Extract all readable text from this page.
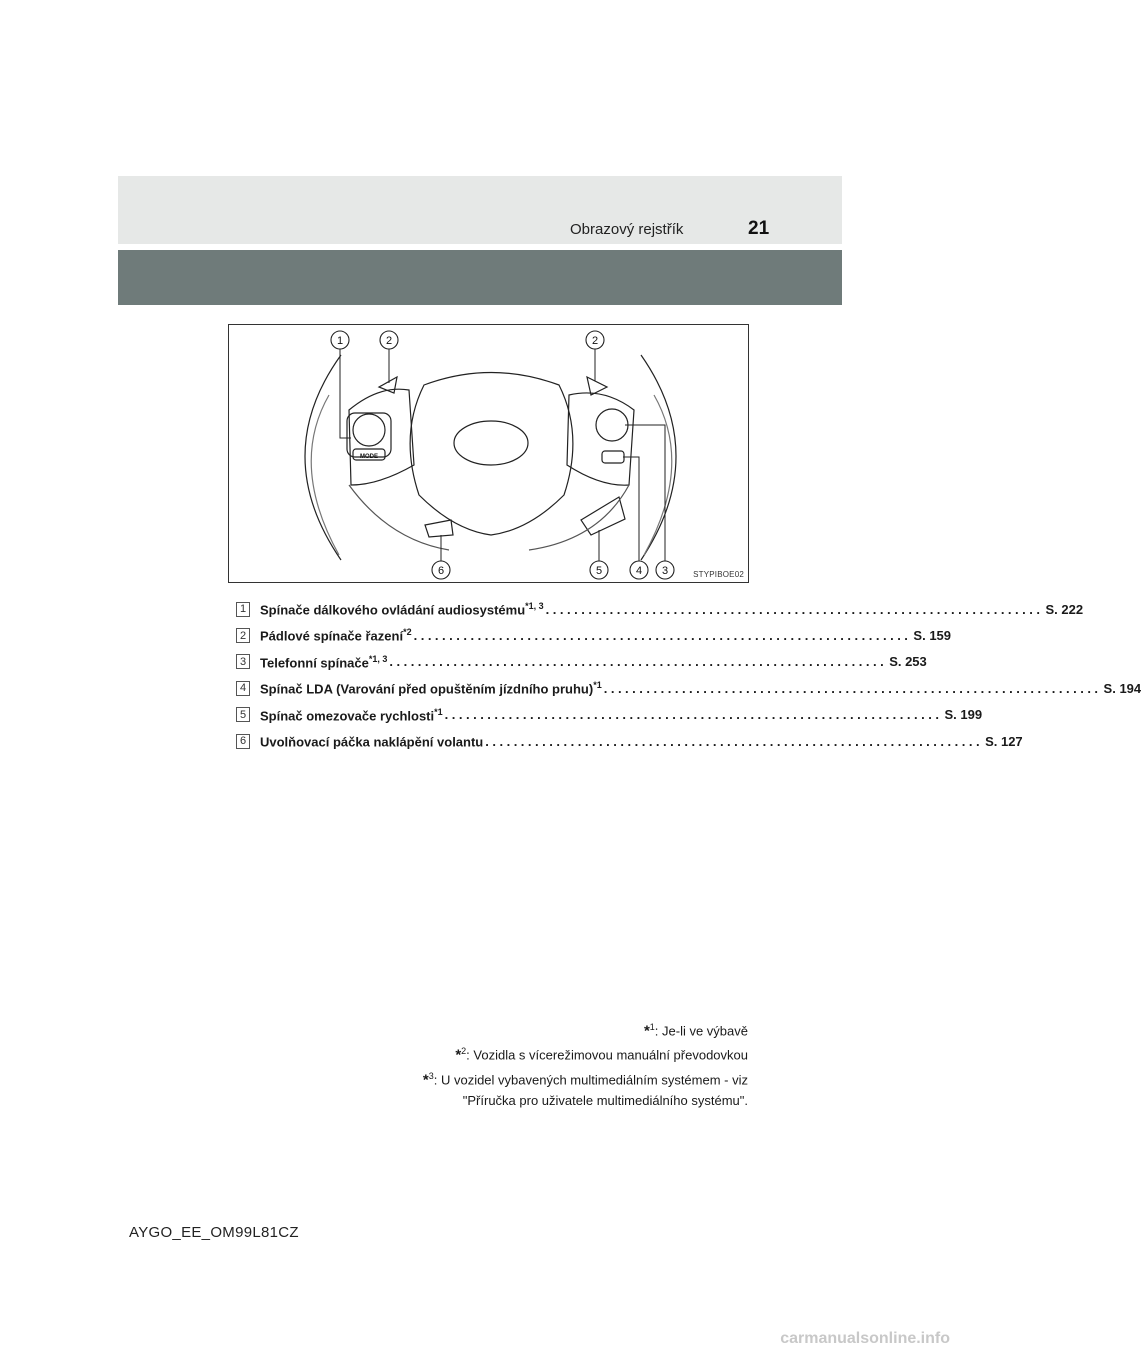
Obrazový rejstřík	21
1	2	2
6	5	4 3
MODE
STYPIBOE02
1	Spínače dálkového ovládání audiosystému$^{*1, 3}$ ...................................................................... S. 222
2	Pádlové spínače řazení$^{*2}$ ...................................................................... S. 159
3	Telefonní spínače$^{*1, 3}$ ...................................................................... S. 253
4	Spínač LDA (Varování před opuštěním jízdního pruhu)$^{*1}$ ...................................................................... S. 194
5	Spínač omezovače rychlosti$^{*1}$ ...................................................................... S. 199
6	Uvolňovací páčka naklápění volantu ...................................................................... S. 127
*$^1$: Je-li ve výbavě
*$^2$: Vozidla s vícerežimovou manuální převodovkou
*$^3$: U vozidel vybavených multimediálním systémem - viz
"Příručka pro uživatele multimediálního systému".
AYGO_EE_OM99L81CZ
carmanualsonline.info
